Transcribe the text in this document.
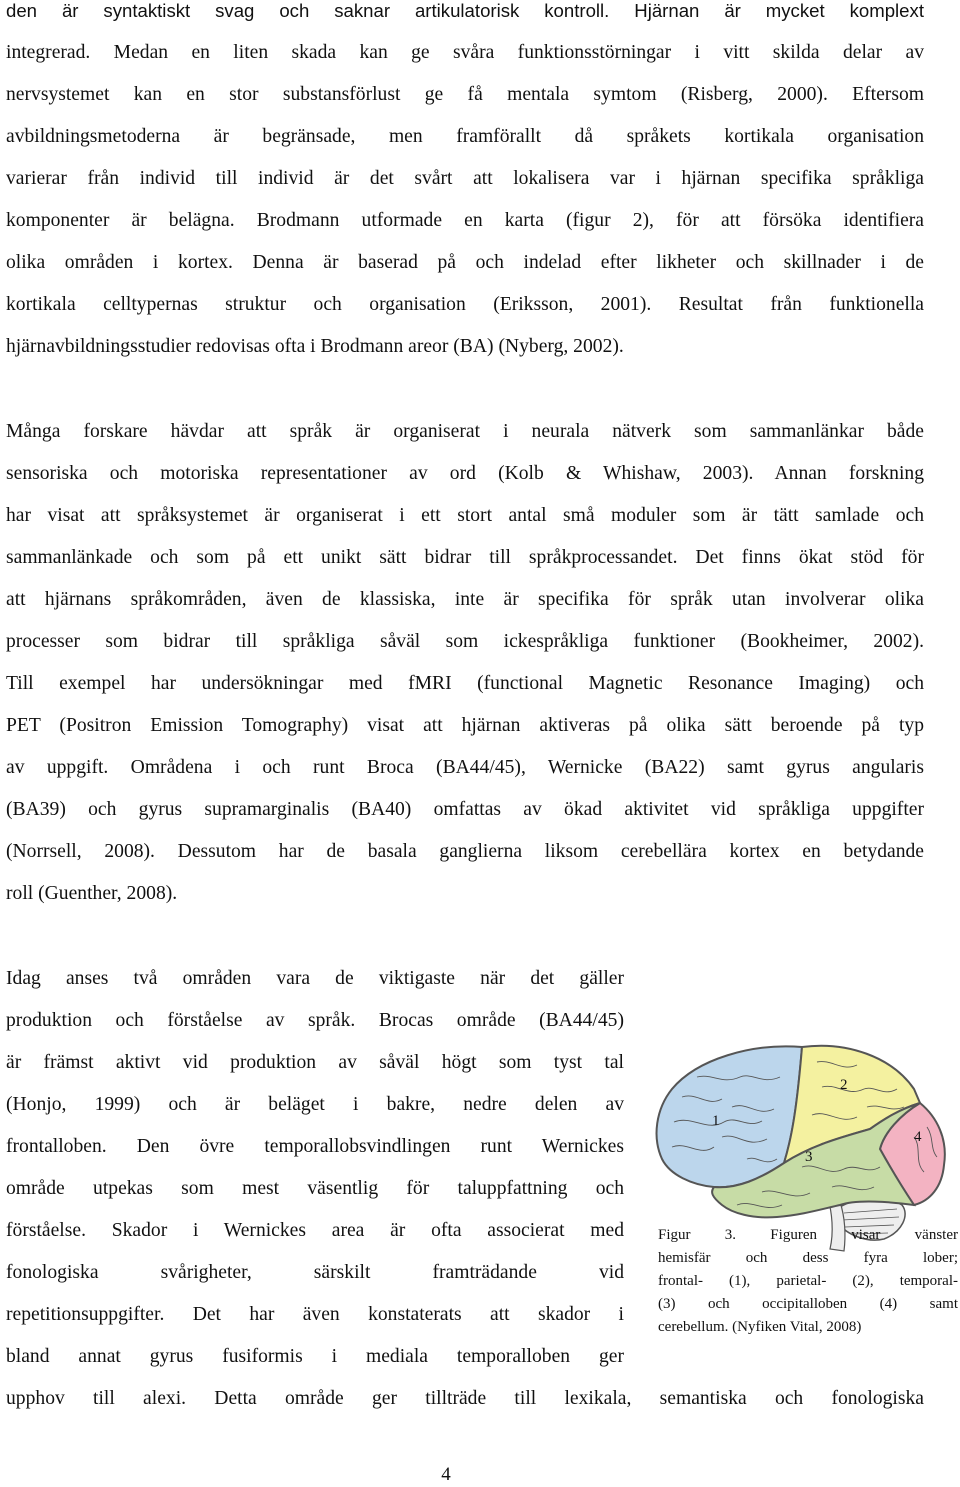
den är syntaktiskt svag och saknar artikulatorisk kontroll. Hjärnan är mycket komplext
integrerad. Medan en liten skada kan ge svåra funktionsstörningar i vitt skilda delar av
nervsystemet kan en stor substansförlust ge få mentala symtom (Risberg, 2000). Eftersom
avbildningsmetoderna är begränsade, men framförallt då språkets kortikala organisation
varierar från individ till individ är det svårt att lokalisera var i hjärnan specifika språkliga
komponenter är belägna. Brodmann utformade en karta (figur 2), för att försöka identifiera
olika områden i kortex. Denna är baserad på och indelad efter likheter och skillnader i de
kortikala celltypernas struktur och organisation (Eriksson, 2001). Resultat från funktionella
hjärnavbildningsstudier redovisas ofta i Brodmann areor (BA) (Nyberg, 2002).
Många forskare hävdar att språk är organiserat i neurala nätverk som sammanlänkar både
sensoriska och motoriska representationer av ord (Kolb & Whishaw, 2003). Annan forskning
har visat att språksystemet är organiserat i ett stort antal små moduler som är tätt samlade och
sammanlänkade och som på ett unikt sätt bidrar till språkprocessandet. Det finns ökat stöd för
att hjärnans språkområden, även de klassiska, inte är specifika för språk utan involverar olika
processer som bidrar till språkliga såväl som ickespråkliga funktioner (Bookheimer, 2002).
Till exempel har undersökningar med fMRI (functional Magnetic Resonance Imaging) och
PET (Positron Emission Tomography) visat att hjärnan aktiveras på olika sätt beroende på typ
av uppgift. Områdena i och runt Broca (BA44/45), Wernicke (BA22) samt gyrus angularis
(BA39) och gyrus supramarginalis (BA40) omfattas av ökad aktivitet vid språkliga uppgifter
(Norrsell, 2008). Dessutom har de basala ganglierna liksom cerebellära kortex en betydande
roll (Guenther, 2008).
Idag anses två områden vara de viktigaste när det gäller
produktion och förståelse av språk. Brocas område (BA44/45)
är främst aktivt vid produktion av såväl högt som tyst tal
(Honjo, 1999) och är beläget i bakre, nedre delen av
frontalloben. Den övre temporallobsvindlingen runt Wernickes
område utpekas som mest väsentlig för taluppfattning och
förståelse. Skador i Wernickes area är ofta associerat med
fonologiska svårigheter, särskilt framträdande vid
repetitionsuppgifter. Det har även konstaterats att skador i
bland annat gyrus fusiformis i mediala temporalloben ger
upphov till alexi. Detta område ger tillträde till lexikala, semantiska och fonologiska
1
2
3
4
Figur 3. Figuren visar vänster
hemisfär och dess fyra lober;
frontal- (1), parietal- (2), temporal-
(3) och occipitalloben (4) samt
cerebellum. (Nyfiken Vital, 2008)
4
